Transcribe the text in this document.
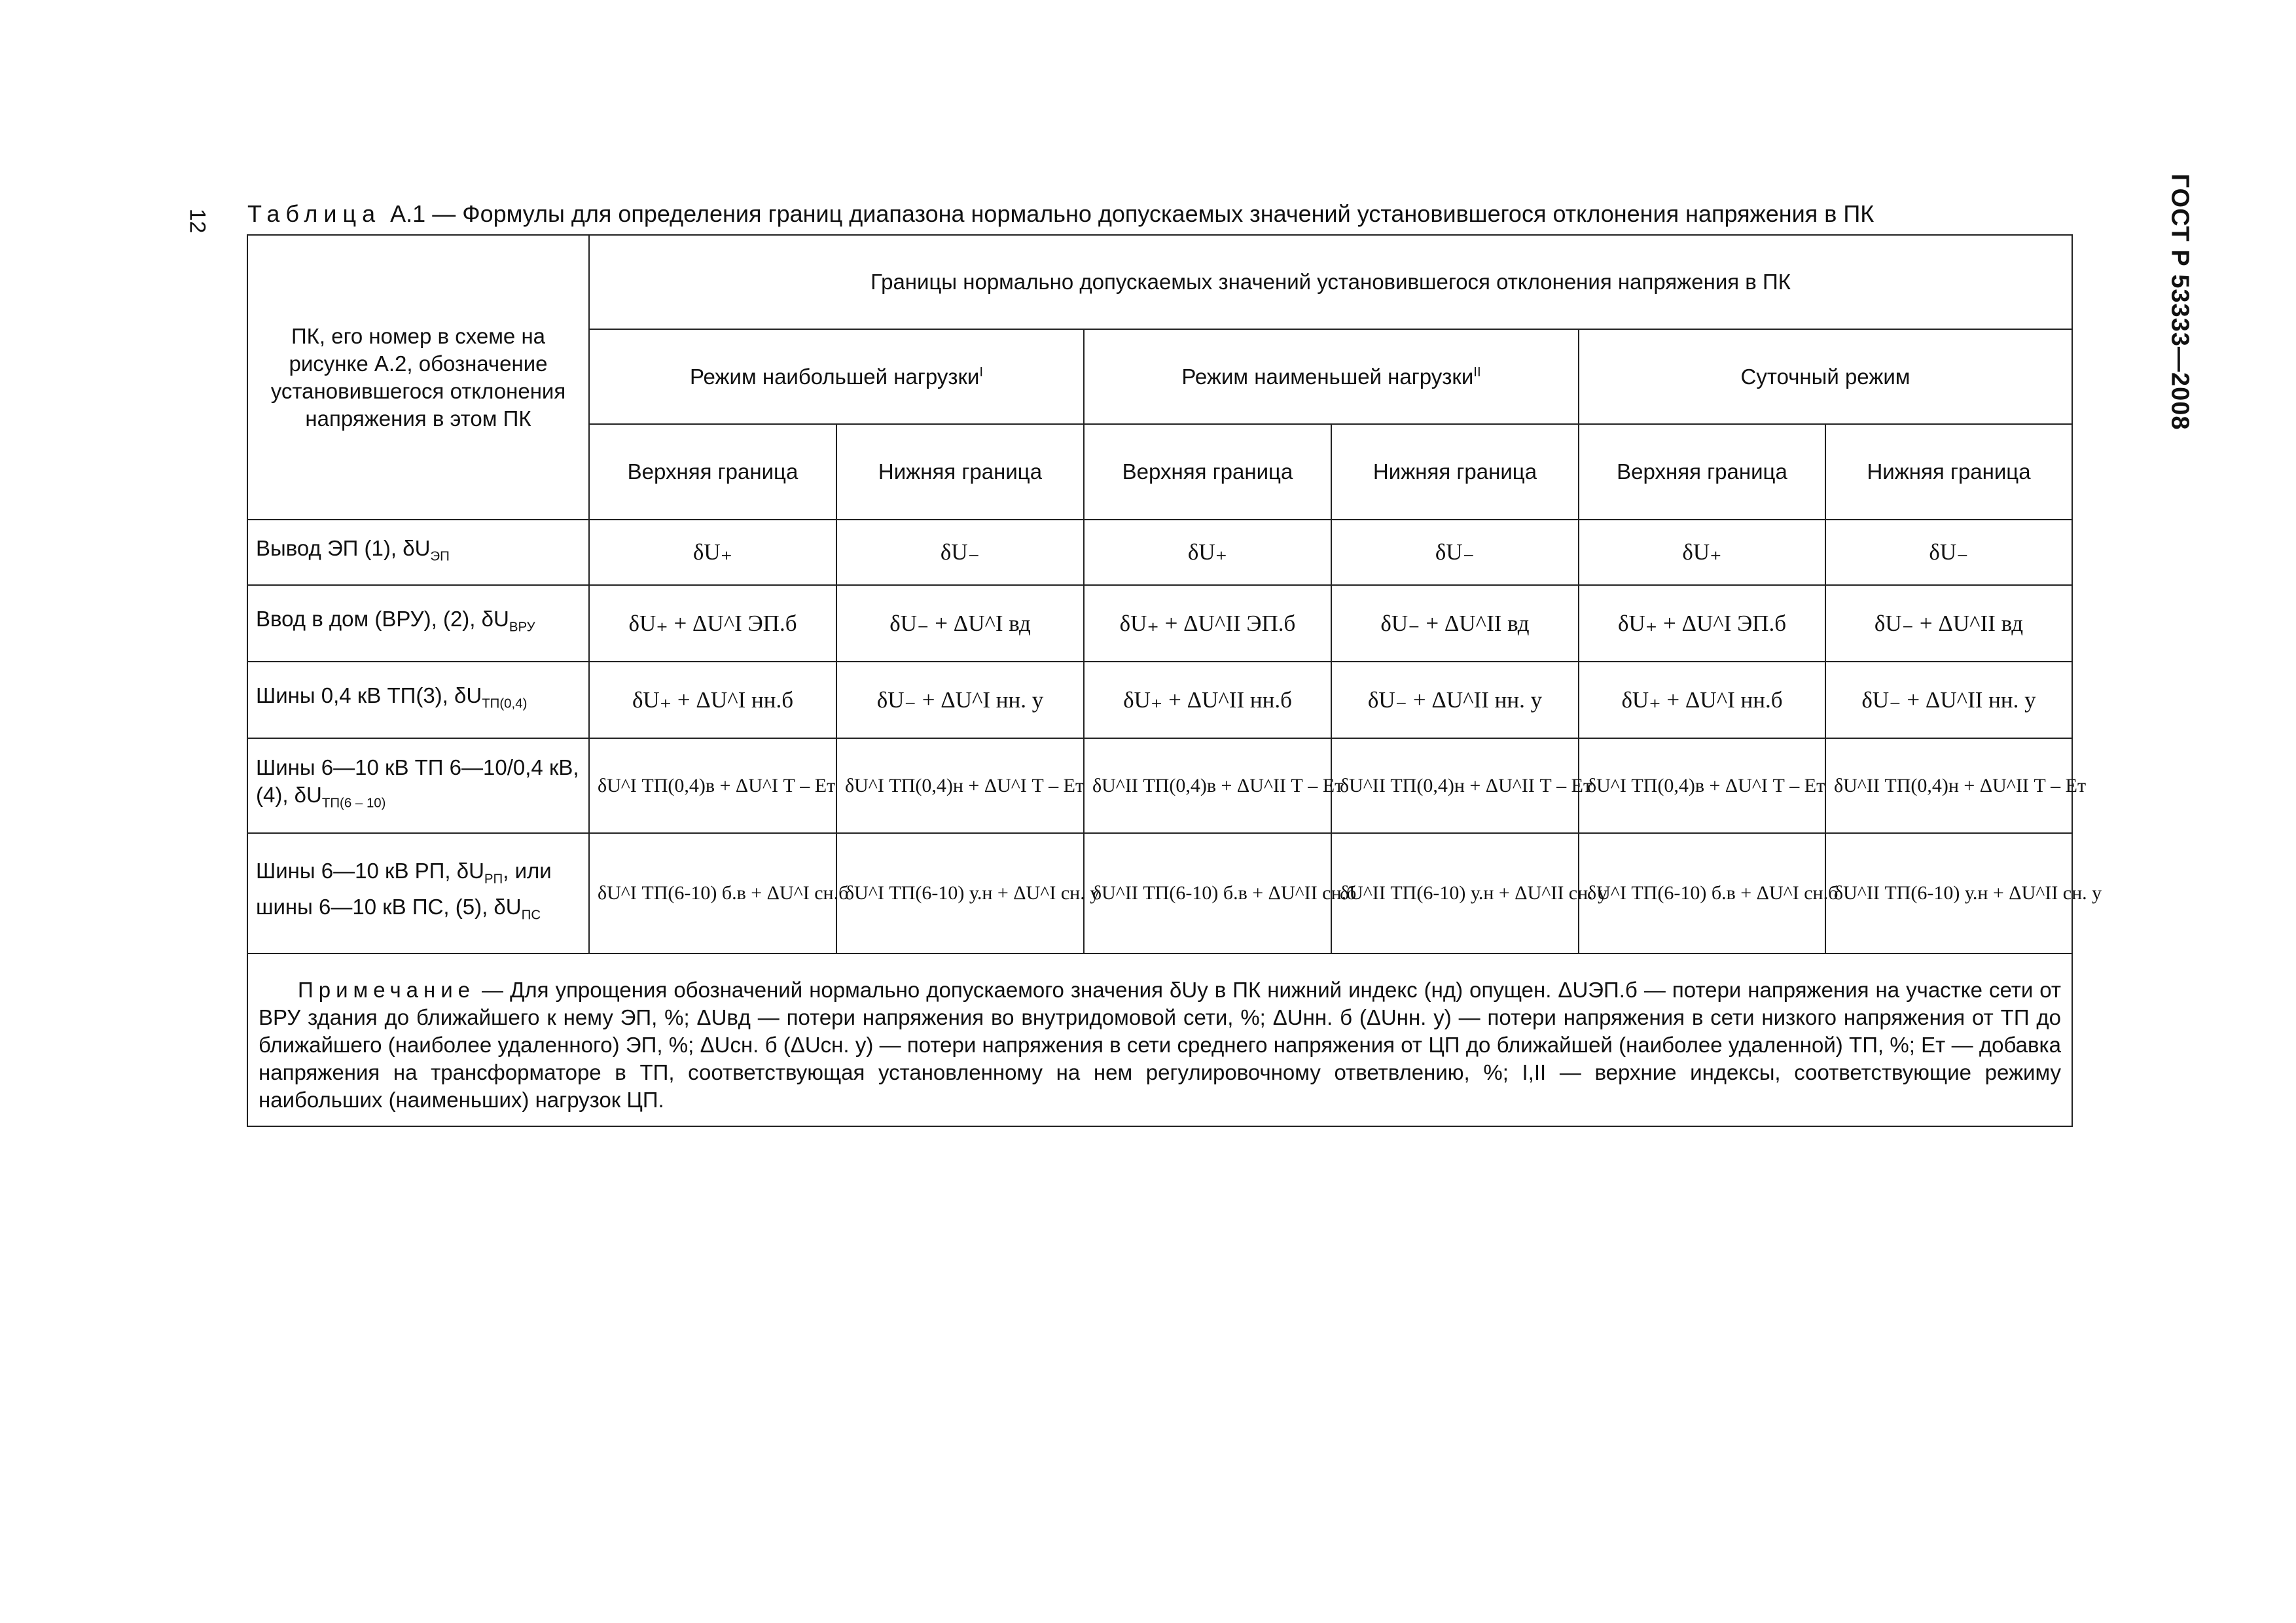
12	ГОСТ Р 53333—2008
Таблица А.1 — Формулы для определения границ диапазона нормально допускаемых значений установившегося отклонения напряжения в ПК
ПК, его номер в схеме на рисунке А.2, обозначение установившегося отклонения напряжения в этом ПК	Границы нормально допускаемых значений установившегося отклонения напряжения в ПК					
	Режим наибольшей нагрузки$^I$		Режим наименьшей нагрузки$^{II}$		Суточный режим	
	Верхняя граница	Нижняя граница	Верхняя граница	Нижняя граница	Верхняя граница	Нижняя граница
Вывод ЭП (1), $\delta U_{ЭП}$	δU₊	δU₋	δU₊	δU₋	δU₊	δU₋
Ввод в дом (ВРУ), (2), $\delta U_{ВРУ}$	δU₊ + ΔU^I ЭП.б	δU₋ + ΔU^I вд	δU₊ + ΔU^II ЭП.б	δU₋ + ΔU^II вд	δU₊ + ΔU^I ЭП.б	δU₋ + ΔU^II вд
Шины 0,4 кВ ТП(3), $\delta U_{ТП(0,4)}$	δU₊ + ΔU^I нн.б	δU₋ + ΔU^I нн. у	δU₊ + ΔU^II нн.б	δU₋ + ΔU^II нн. у	δU₊ + ΔU^I нн.б	δU₋ + ΔU^II нн. у
Шины 6—10 кВ ТП 6—10/0,4 кВ, (4), $\delta U_{ТП(6 - 10)}$	δU^I ТП(0,4)в + ΔU^I Т – Eт	δU^I ТП(0,4)н + ΔU^I Т – Eт	δU^II ТП(0,4)в + ΔU^II Т – Eт	δU^II ТП(0,4)н + ΔU^II Т – Eт	δU^I ТП(0,4)в + ΔU^I Т – Eт	δU^II ТП(0,4)н + ΔU^II Т – Eт
Шины 6—10 кВ РП, $\delta U_{РП}$, или шины 6—10 кВ ПС, (5), $\delta U_{ПС}$	δU^I ТП(6-10) б.в + ΔU^I сн.б	δU^I ТП(6-10) у.н + ΔU^I сн. у	δU^II ТП(6-10) б.в + ΔU^II сн.б	δU^II ТП(6-10) у.н + ΔU^II сн. у	δU^I ТП(6-10) б.в + ΔU^I сн.б	δU^II ТП(6-10) у.н + ΔU^II сн. у
Примечание — Для упрощения обозначений нормально допускаемого значения δUу в ПК нижний индекс (нд) опущен. ΔUЭП.б — потери напряжения на участке сети от ВРУ здания до ближайшего к нему ЭП, %; ΔUвд — потери напряжения во внутридомовой сети, %; ΔUнн. б (ΔUнн. у) — потери напряжения в сети низкого напряжения от ТП до ближайшего (наиболее удаленного) ЭП, %; ΔUсн. б (ΔUсн. у) — потери напряжения в сети среднего напряжения от ЦП до ближайшей (наиболее удаленной) ТП, %; Eт — добавка напряжения на трансформаторе в ТП, соответствующая установленному на нем регулировочному ответвлению, %; I,II — верхние индексы, соответствующие режиму наибольших (наименьших) нагрузок ЦП.						
